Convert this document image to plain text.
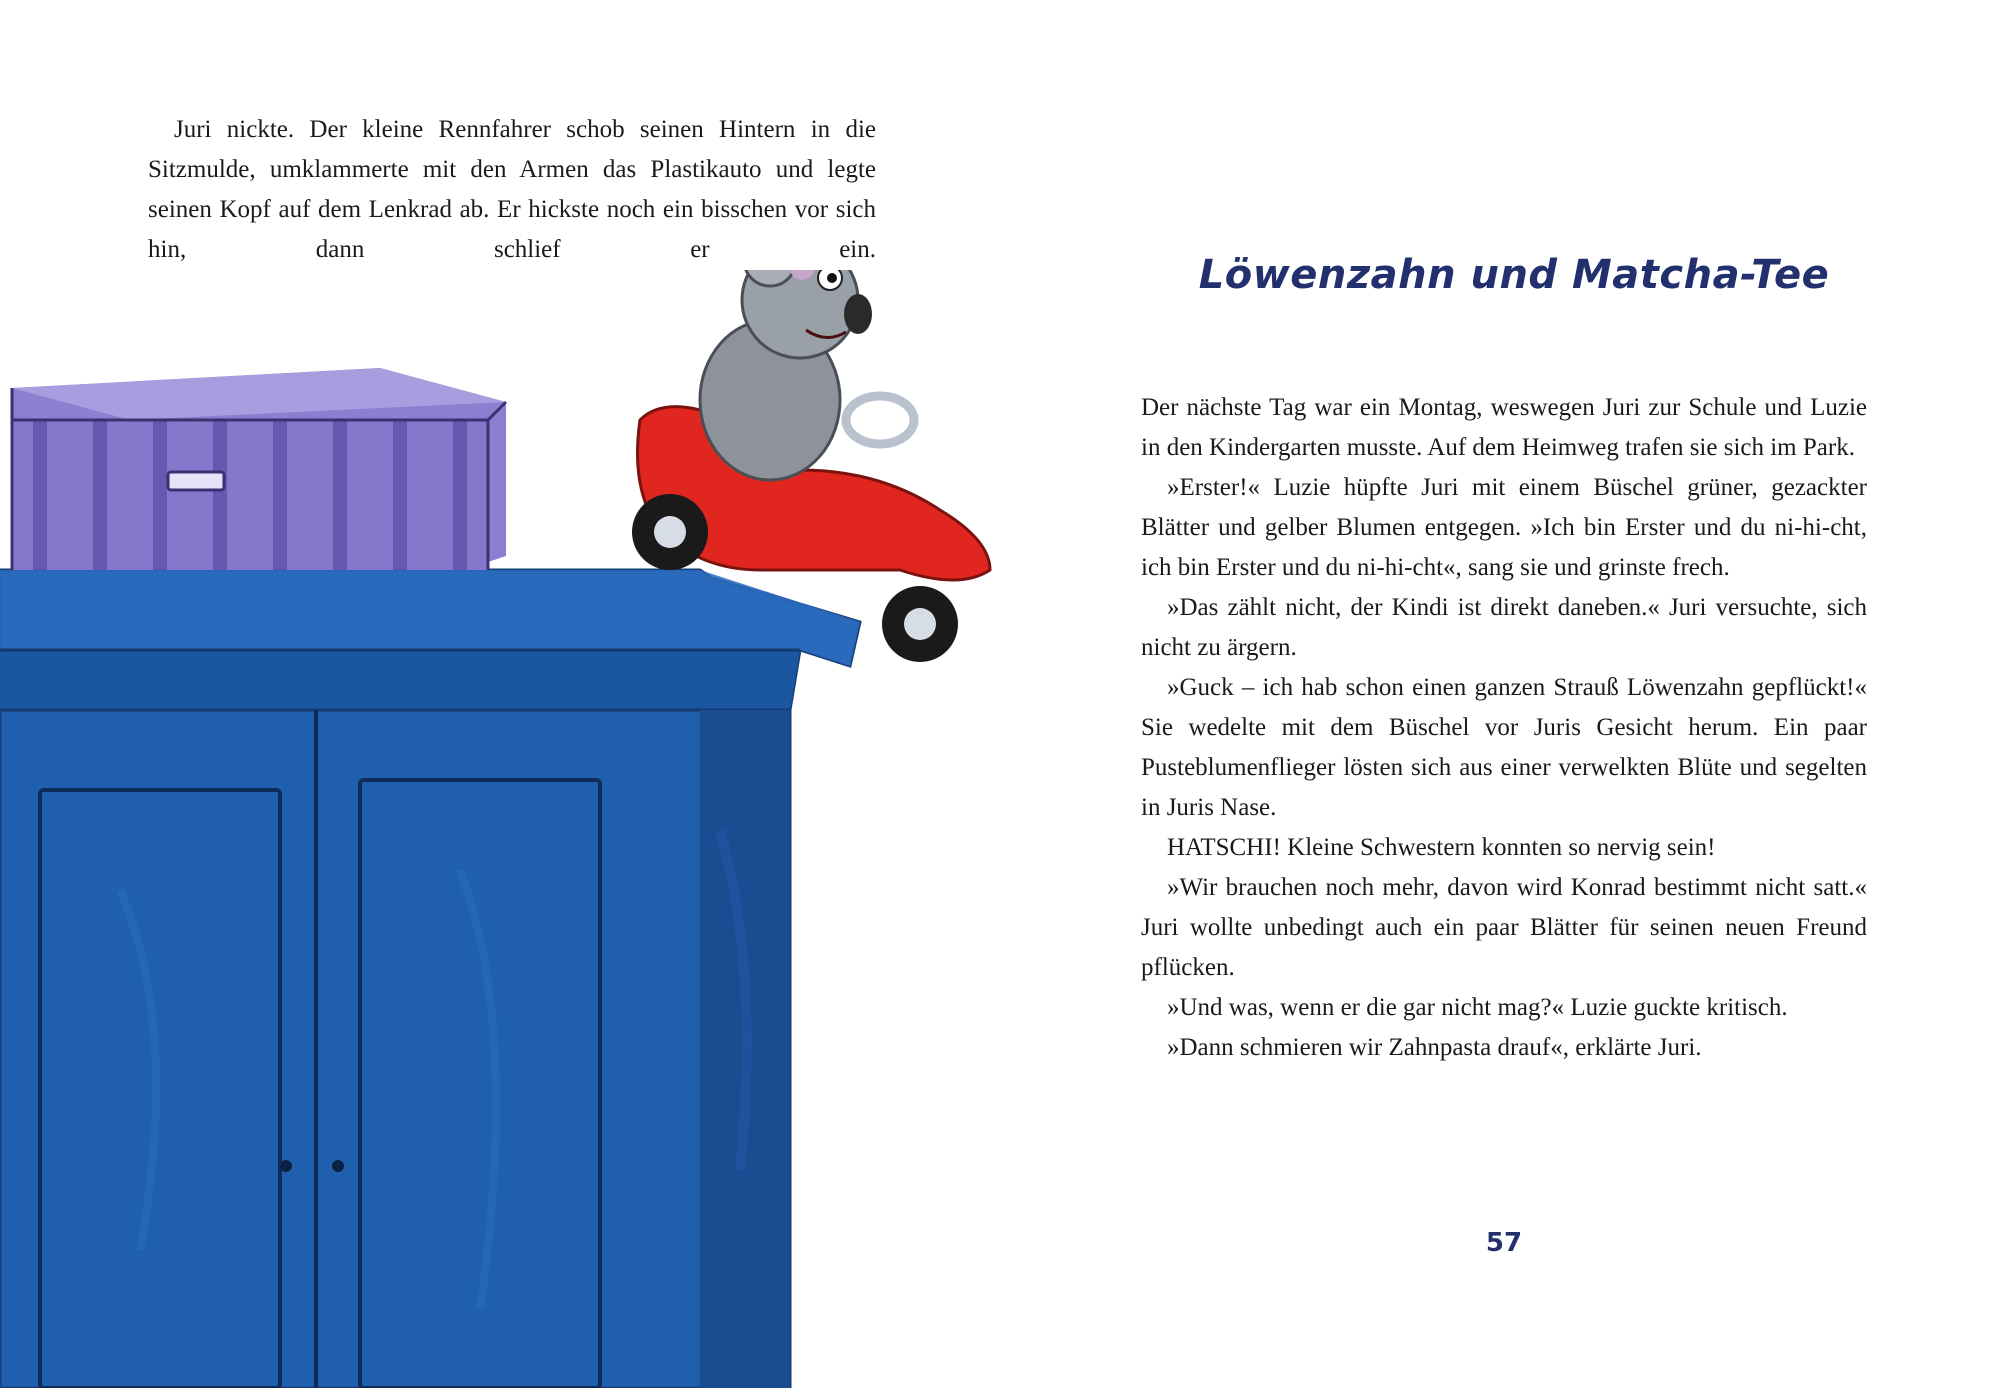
Juri nickte. Der kleine Rennfahrer schob seinen Hintern in die Sitzmulde, umklammerte mit den Armen das Plastikauto und legte seinen Kopf auf dem Lenkrad ab. Er hickste noch ein bisschen vor sich hin, dann schlief er ein.

Löwenzahn und Matcha-Tee

Der nächste Tag war ein Montag, weswegen Juri zur Schule und Luzie in den Kindergarten musste. Auf dem Heimweg trafen sie sich im Park.

»Erster!« Luzie hüpfte Juri mit einem Büschel grüner, gezackter Blätter und gelber Blumen entgegen. »Ich bin Erster und du ni-hi-cht, ich bin Erster und du ni-hi-cht«, sang sie und grinste frech.

»Das zählt nicht, der Kindi ist direkt daneben.« Juri versuchte, sich nicht zu ärgern.

»Guck – ich hab schon einen ganzen Strauß Löwenzahn gepflückt!« Sie wedelte mit dem Büschel vor Juris Gesicht herum. Ein paar Pusteblumenflieger lösten sich aus einer verwelkten Blüte und segelten in Juris Nase.

HATSCHI! Kleine Schwestern konnten so nervig sein!

»Wir brauchen noch mehr, davon wird Konrad bestimmt nicht satt.« Juri wollte unbedingt auch ein paar Blätter für seinen neuen Freund pflücken.

»Und was, wenn er die gar nicht mag?« Luzie guckte kritisch.

»Dann schmieren wir Zahnpasta drauf«, erklärte Juri.

57
